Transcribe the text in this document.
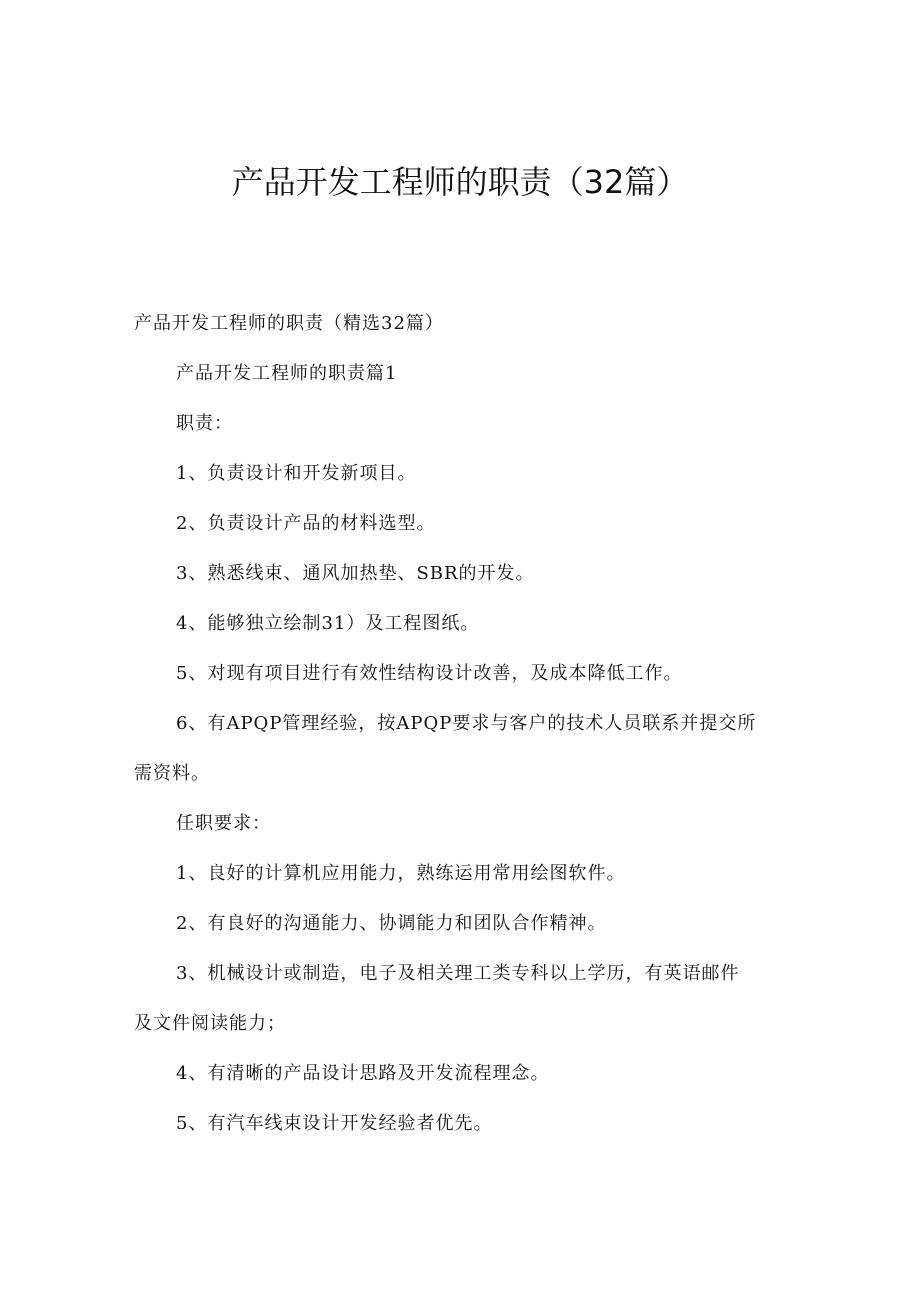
产品开发工程师的职责（32篇）

产品开发工程师的职责（精选32篇）

产品开发工程师的职责篇1

职责：

1、负责设计和开发新项目。

2、负责设计产品的材料选型。

3、熟悉线束、通风加热垫、SBR的开发。

4、能够独立绘制31）及工程图纸。

5、对现有项目进行有效性结构设计改善，及成本降低工作。

6、有APQP管理经验，按APQP要求与客户的技术人员联系并提交所

需资料。

任职要求：

1、良好的计算机应用能力，熟练运用常用绘图软件。

2、有良好的沟通能力、协调能力和团队合作精神。

3、机械设计或制造，电子及相关理工类专科以上学历，有英语邮件

及文件阅读能力；

4、有清晰的产品设计思路及开发流程理念。

5、有汽车线束设计开发经验者优先。
